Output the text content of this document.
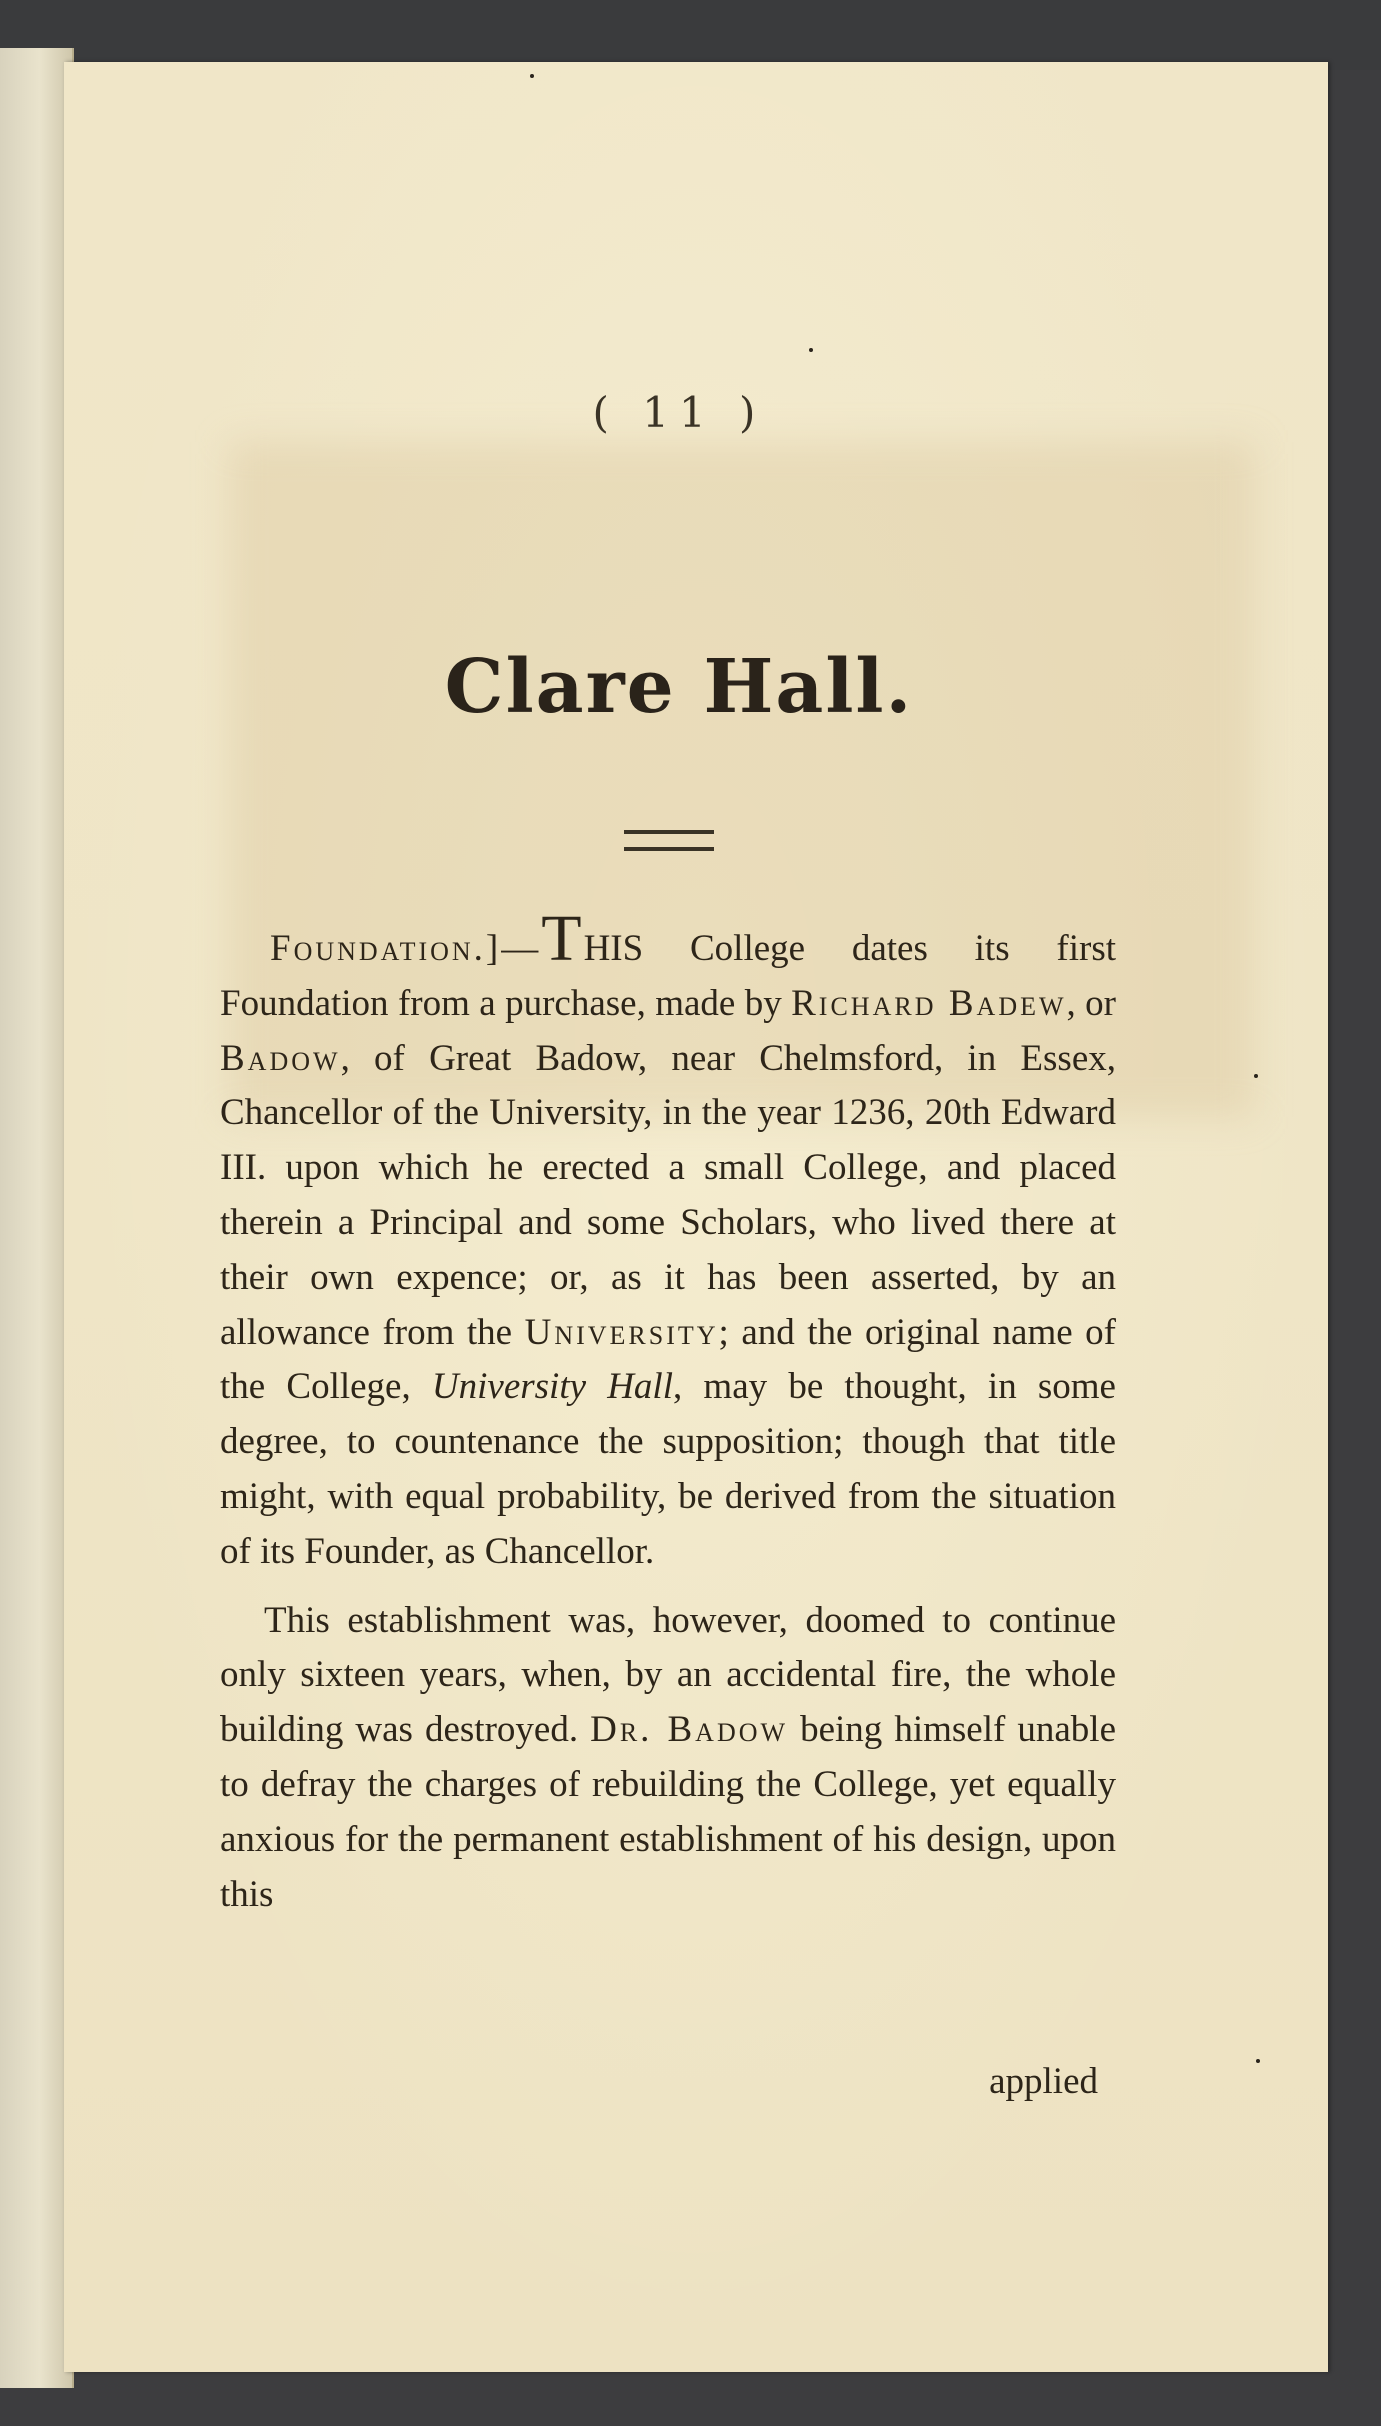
( 11 )
Clare Hall.

Foundation.]—THIS College dates its first Foundation from a purchase, made by Richard Badew, or Badow, of Great Badow, near Chelmsford, in Essex, Chancellor of the University, in the year 1236, 20th Edward III. upon which he erected a small College, and placed therein a Principal and some Scholars, who lived there at their own expence; or, as it has been asserted, by an allowance from the University; and the original name of the College, University Hall, may be thought, in some degree, to countenance the supposition; though that title might, with equal probability, be derived from the situation of its Founder, as Chancellor.

This establishment was, however, doomed to continue only sixteen years, when, by an accidental fire, the whole building was destroyed. Dr. Badow being himself unable to defray the charges of rebuilding the College, yet equally anxious for the permanent establishment of his design, upon this

applied
